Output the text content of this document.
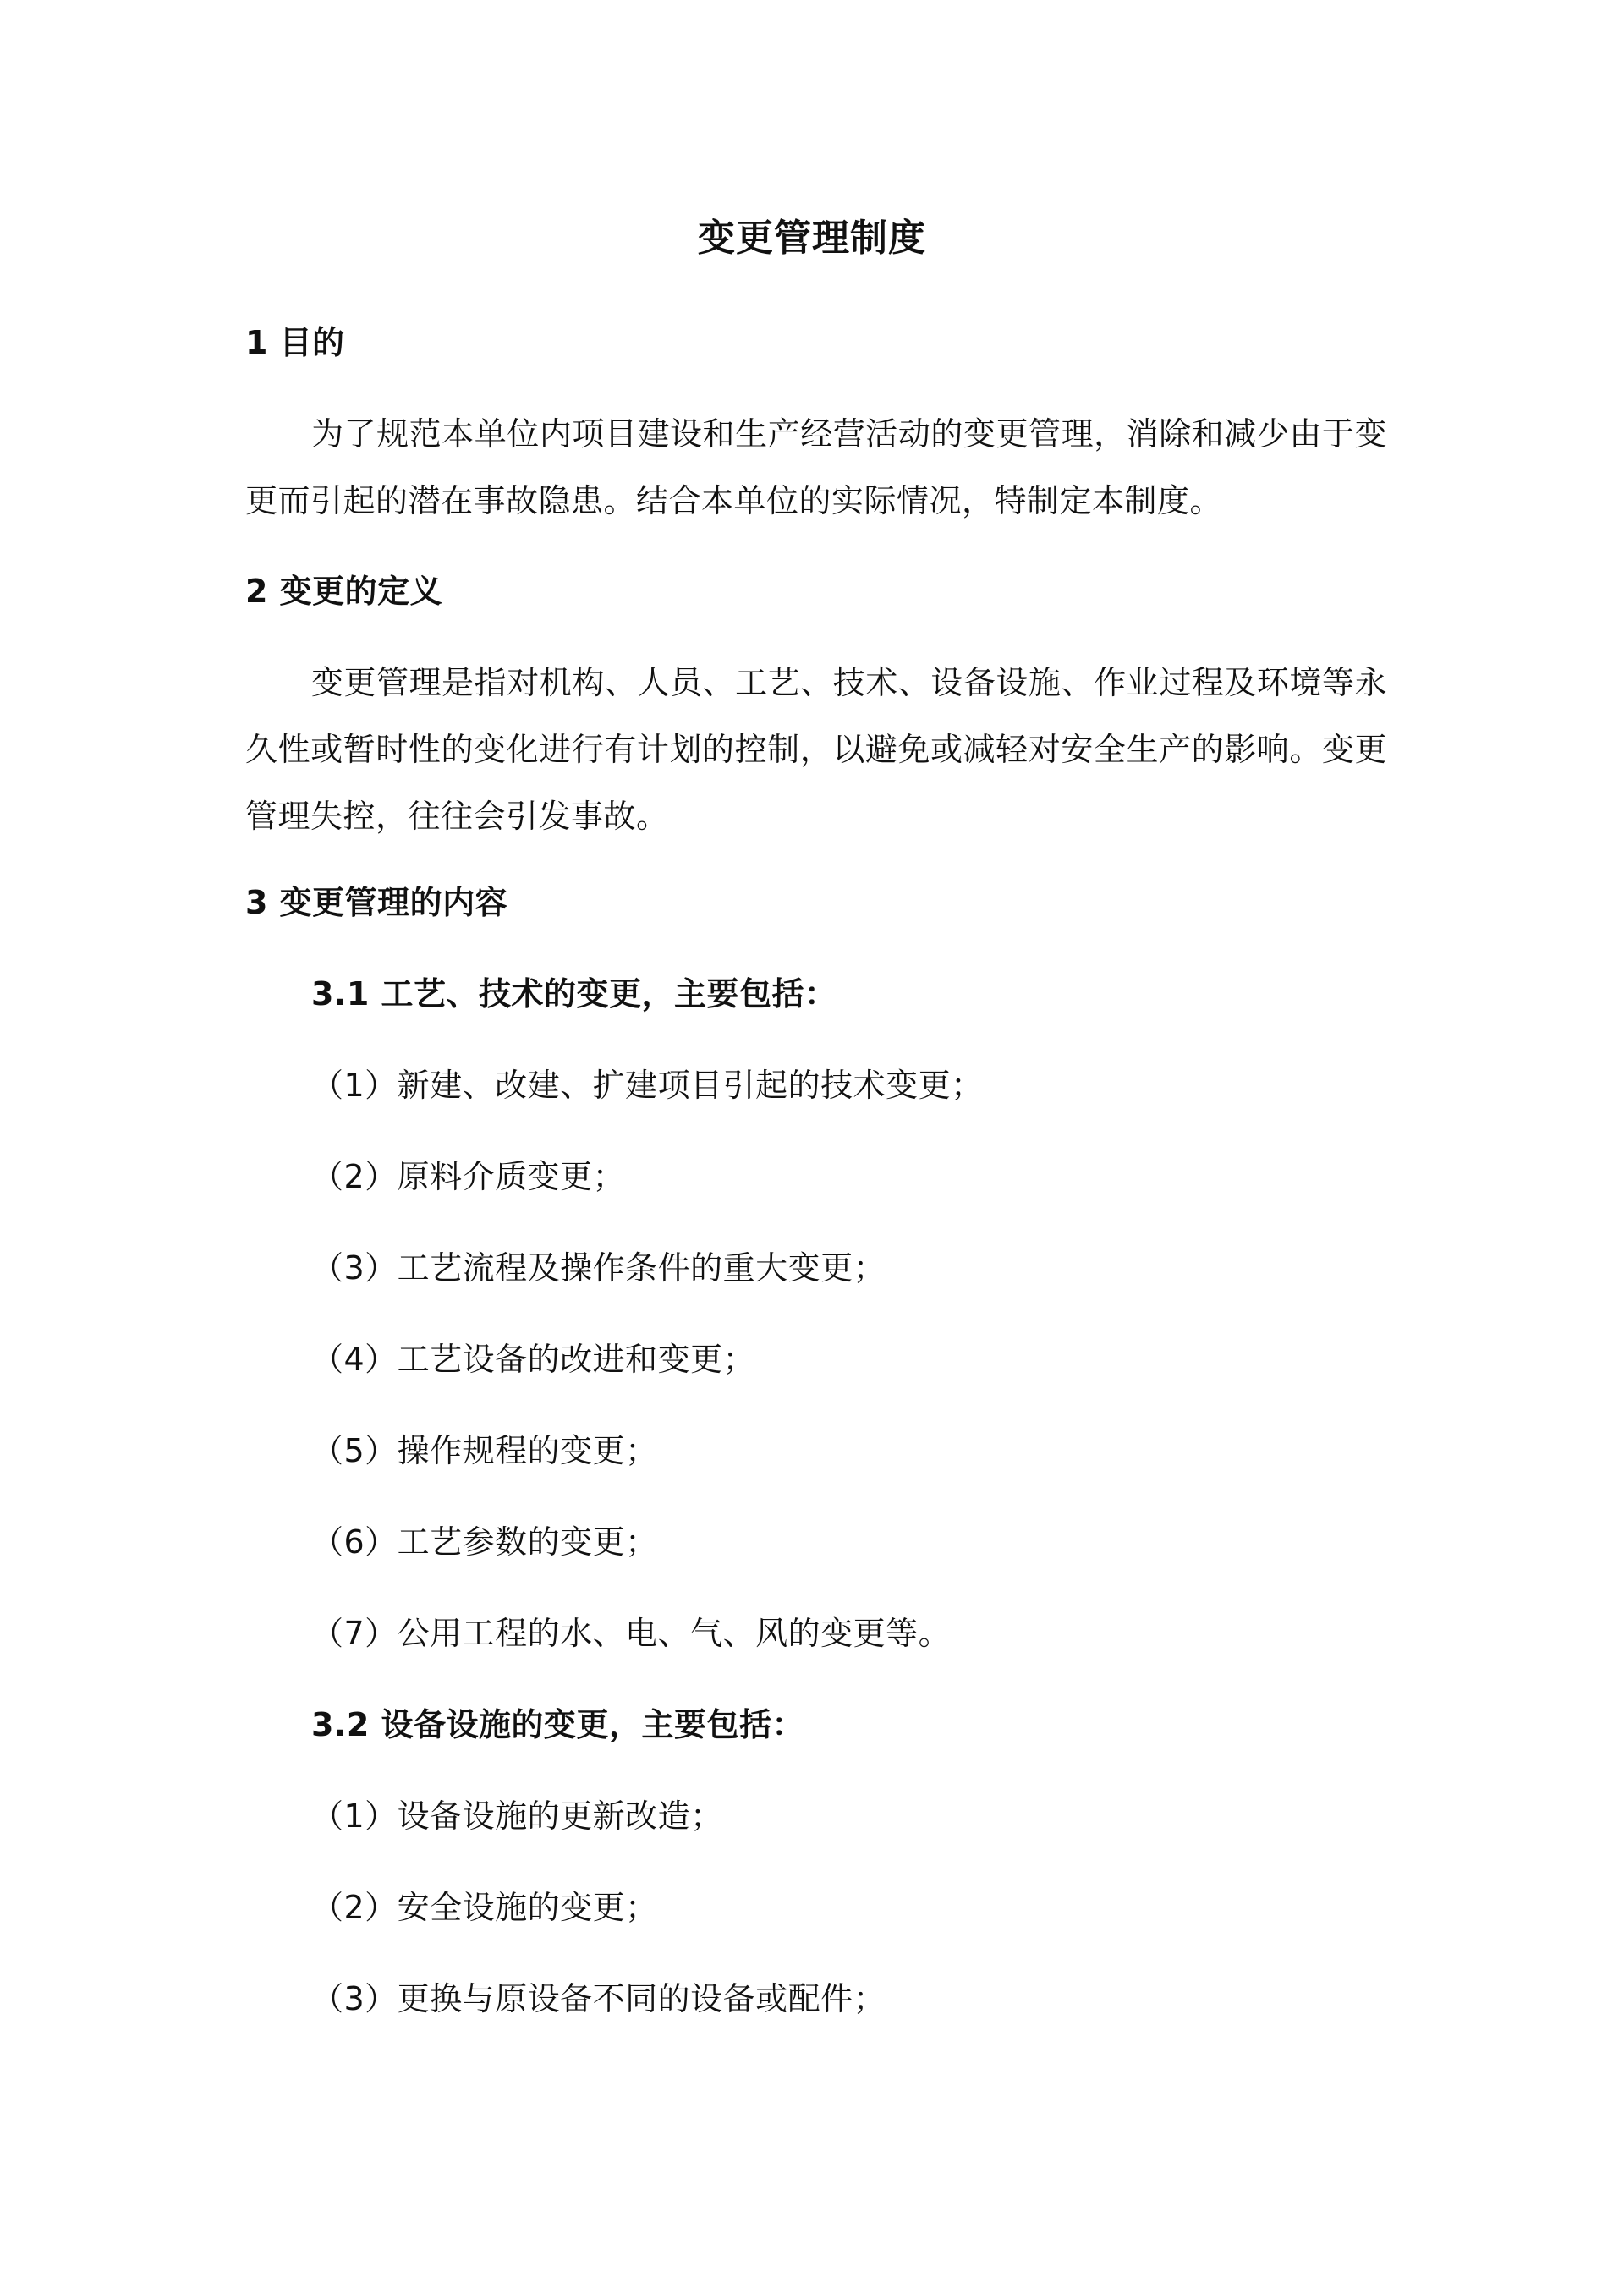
变更管理制度
1 目的
为了规范本单位内项目建设和生产经营活动的变更管理，消除和减少由于变更而引起的潜在事故隐患。结合本单位的实际情况，特制定本制度。
2 变更的定义
变更管理是指对机构、人员、工艺、技术、设备设施、作业过程及环境等永久性或暂时性的变化进行有计划的控制，以避免或减轻对安全生产的影响。变更管理失控，往往会引发事故。
3 变更管理的内容
3.1 工艺、技术的变更，主要包括：
（1）新建、改建、扩建项目引起的技术变更；
（2）原料介质变更；
（3）工艺流程及操作条件的重大变更；
（4）工艺设备的改进和变更；
（5）操作规程的变更；
（6）工艺参数的变更；
（7）公用工程的水、电、气、风的变更等。
3.2 设备设施的变更，主要包括：
（1）设备设施的更新改造；
（2）安全设施的变更；
（3）更换与原设备不同的设备或配件；
